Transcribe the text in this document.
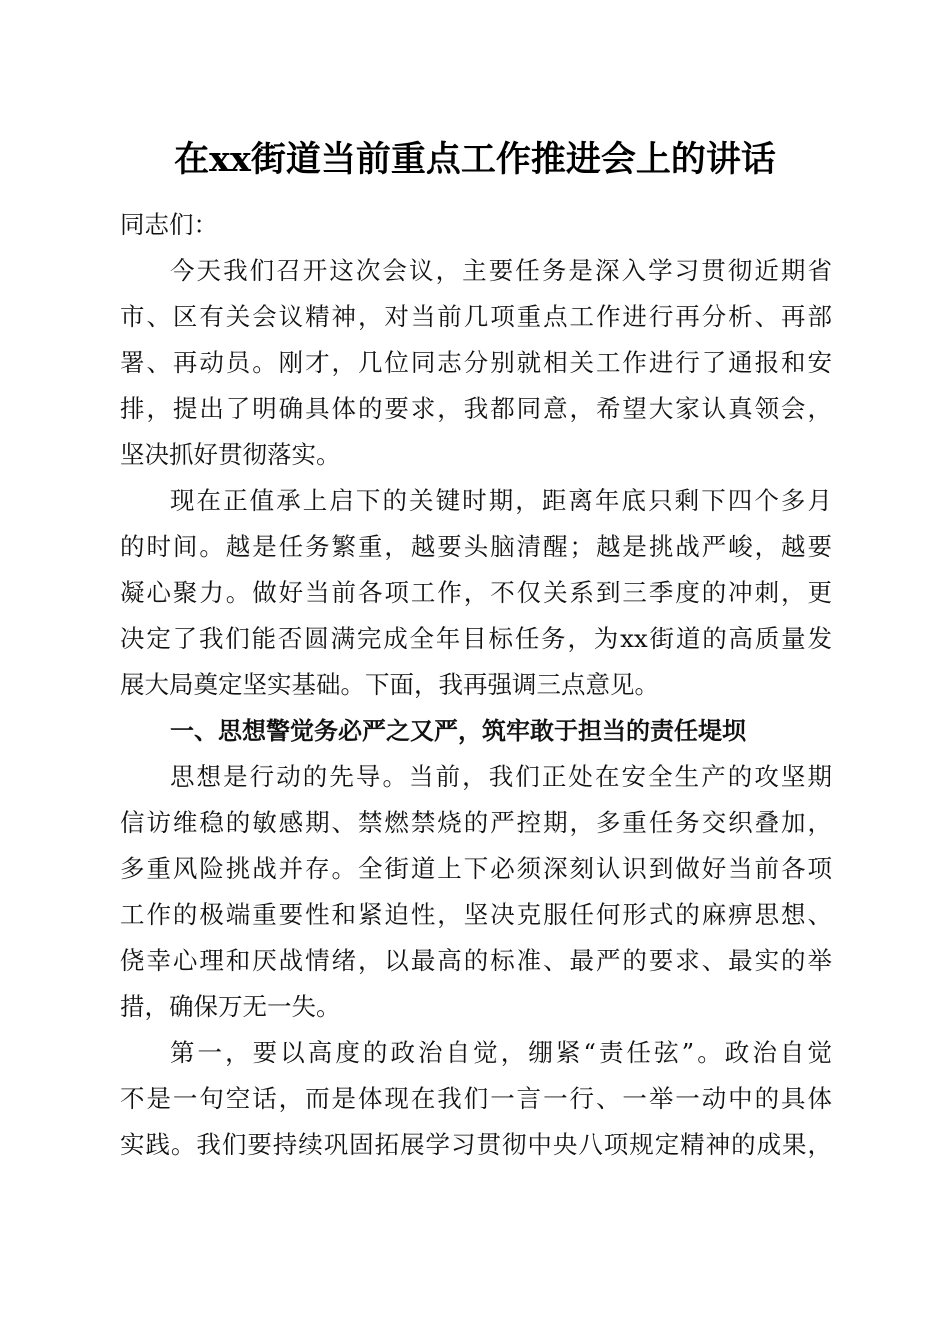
在xx街道当前重点工作推进会上的讲话
同志们：
今天我们召开这次会议，主要任务是深入学习贯彻近期省
市、区有关会议精神，对当前几项重点工作进行再分析、再部
署、再动员。刚才，几位同志分别就相关工作进行了通报和安
排，提出了明确具体的要求，我都同意，希望大家认真领会，
坚决抓好贯彻落实。
现在正值承上启下的关键时期，距离年底只剩下四个多月
的时间。越是任务繁重，越要头脑清醒；越是挑战严峻，越要
凝心聚力。做好当前各项工作，不仅关系到三季度的冲刺，更
决定了我们能否圆满完成全年目标任务，为xx街道的高质量发
展大局奠定坚实基础。下面，我再强调三点意见。
一、思想警觉务必严之又严，筑牢敢于担当的责任堤坝
思想是行动的先导。当前，我们正处在安全生产的攻坚期
信访维稳的敏感期、禁燃禁烧的严控期，多重任务交织叠加，
多重风险挑战并存。全街道上下必须深刻认识到做好当前各项
工作的极端重要性和紧迫性，坚决克服任何形式的麻痹思想、
侥幸心理和厌战情绪，以最高的标准、最严的要求、最实的举
措，确保万无一失。
第一，要以高度的政治自觉，绷紧“责任弦”。政治自觉
不是一句空话，而是体现在我们一言一行、一举一动中的具体
实践。我们要持续巩固拓展学习贯彻中央八项规定精神的成果，
